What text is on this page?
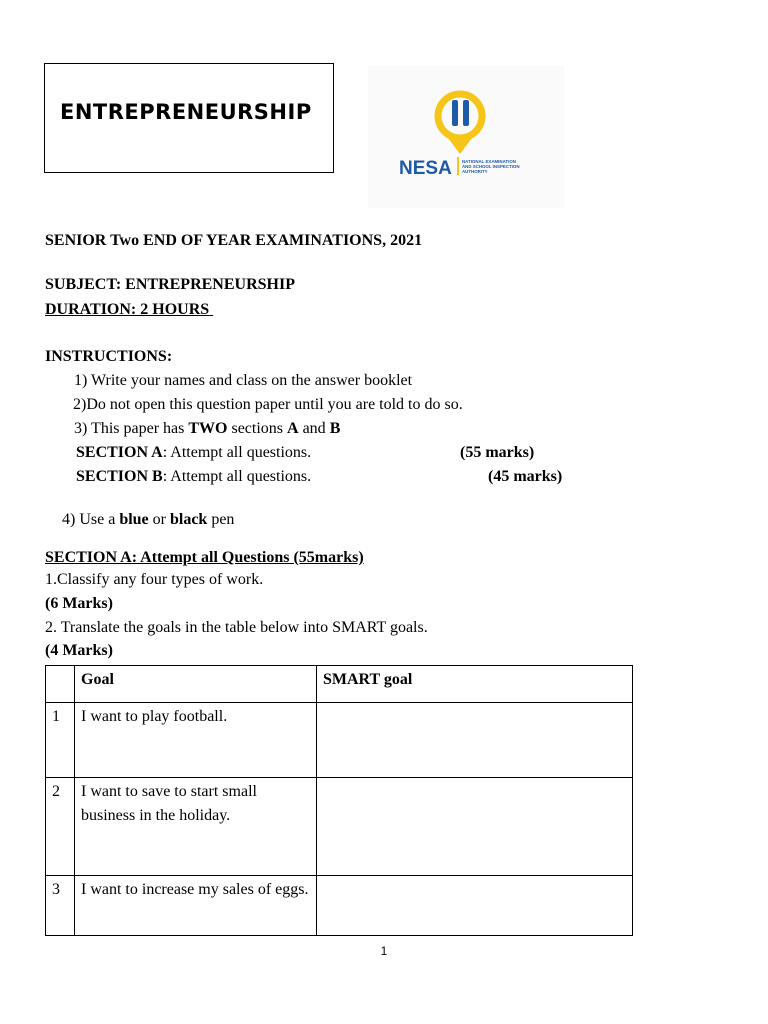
ENTREPRENEURSHIP
NESA NATIONAL EXAMINATION
AND SCHOOL INSPECTION
AUTHORITY
SENIOR Two END OF YEAR EXAMINATIONS, 2021
SUBJECT: ENTREPRENEURSHIP
DURATION: 2 HOURS
INSTRUCTIONS:
1) Write your names and class on the answer booklet
2)Do not open this question paper until you are told to do so.
3) This paper has TWO sections A and B
SECTION A: Attempt all questions.	(55 marks)
SECTION B: Attempt all questions.	(45 marks)
4) Use a blue or black pen
SECTION A: Attempt all Questions (55marks)
1.Classify any four types of work.
(6 Marks)
2. Translate the goals in the table below into SMART goals.
(4 Marks)
	Goal	SMART goal
1	I want to play football.	
2	I want to save to start small business in the holiday.	
3	I want to increase my sales of eggs.	
1
